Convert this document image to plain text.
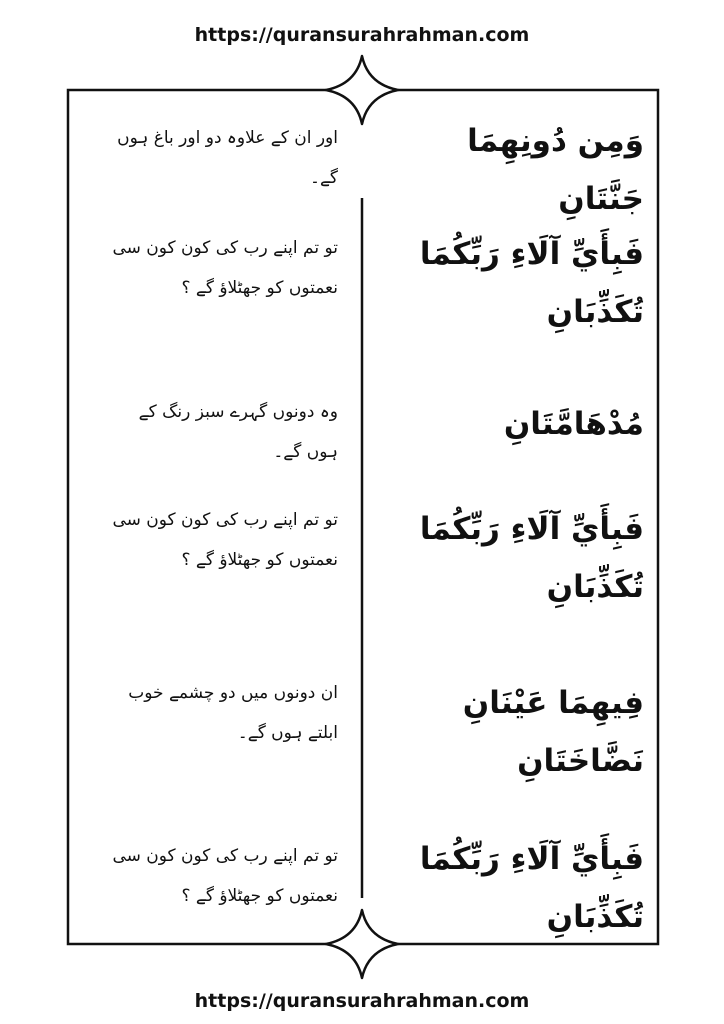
https://quransurahrahman.com
وَمِن دُونِهِمَا جَنَّتَانِ
اور ان کے علاوہ دو اور باغ ہوں گے۔
فَبِأَيِّ آلَاءِ رَبِّكُمَا تُكَذِّبَانِ
تو تم اپنے رب کی کون کون سی نعمتوں کو جھٹلاؤ گے ؟
مُدْهَامَّتَانِ
وہ دونوں گہرے سبز رنگ کے ہوں گے۔
فَبِأَيِّ آلَاءِ رَبِّكُمَا تُكَذِّبَانِ
تو تم اپنے رب کی کون کون سی نعمتوں کو جھٹلاؤ گے ؟
فِيهِمَا عَيْنَانِ نَضَّاخَتَانِ
ان دونوں میں دو چشمے خوب ابلتے ہوں گے۔
فَبِأَيِّ آلَاءِ رَبِّكُمَا تُكَذِّبَانِ
تو تم اپنے رب کی کون کون سی نعمتوں کو جھٹلاؤ گے ؟
https://quransurahrahman.com
